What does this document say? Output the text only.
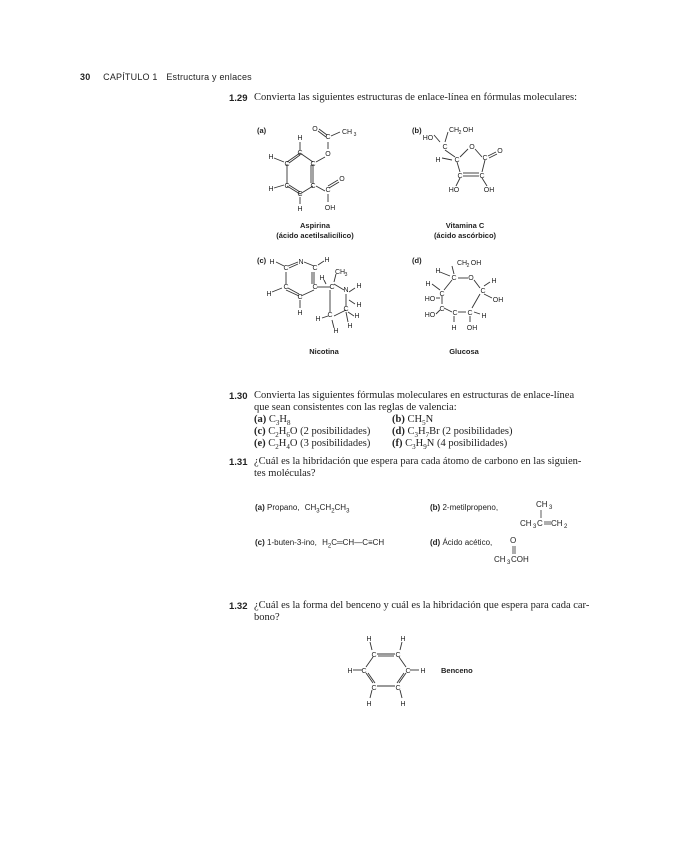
30 CAPÍTULO 1 Estructura y enlaces
1.29 Convierta las siguientes estructuras de enlace-línea en fórmulas moleculares:
(a)	(b)
(c)	(d)
C
C	C
C	C
C
H
H
H
H
O
C
O	CH 3
C
O
OH
Aspirina
(ácido acetilsalicílico)
HO
CH 2 OH
C
H C
O
C
O
C C
HO	OH
Vitamina C
(ácido ascórbico)
H	N	H
C	C
C	C
H	C
H
C
H
CH 3
N
H
H
C
H
C	H
H
H
Nicotina
CH 2 OH
H
C O
H
C
H
OH
C
HO
C
HO C C
H OH
H
Glucosa
1.30 Convierta las siguientes fórmulas moleculares en estructuras de enlace-línea
que sean consistentes con las reglas de valencia:
(a) $C_3H_8$	(b) $CH_5N$
(c) $C_2H_6O$ (2 posibilidades) (d) $C_3H_7Br$ (2 posibilidades)
(e) $C_2H_4O$ (3 posibilidades) (f) $C_3H_9N$ (4 posibilidades)
1.31 ¿Cuál es la hibridación que espera para cada átomo de carbono en las siguien-
tes moléculas?
(a) Propano, $CH_3CH_2CH_3$	(b) 2-metilpropeno,	CH 3
CH 3 C CH 2
(c) 1-buten-3-ino, $H_2C═CH—C\equiv CH$	(d) Ácido acético, O
CH 3 COH
1.32 ¿Cuál es la forma del benceno y cuál es la hibridación que espera para cada car-
bono?
C	C
C	C
C	C
H	H
H	H
H	H
Benceno
